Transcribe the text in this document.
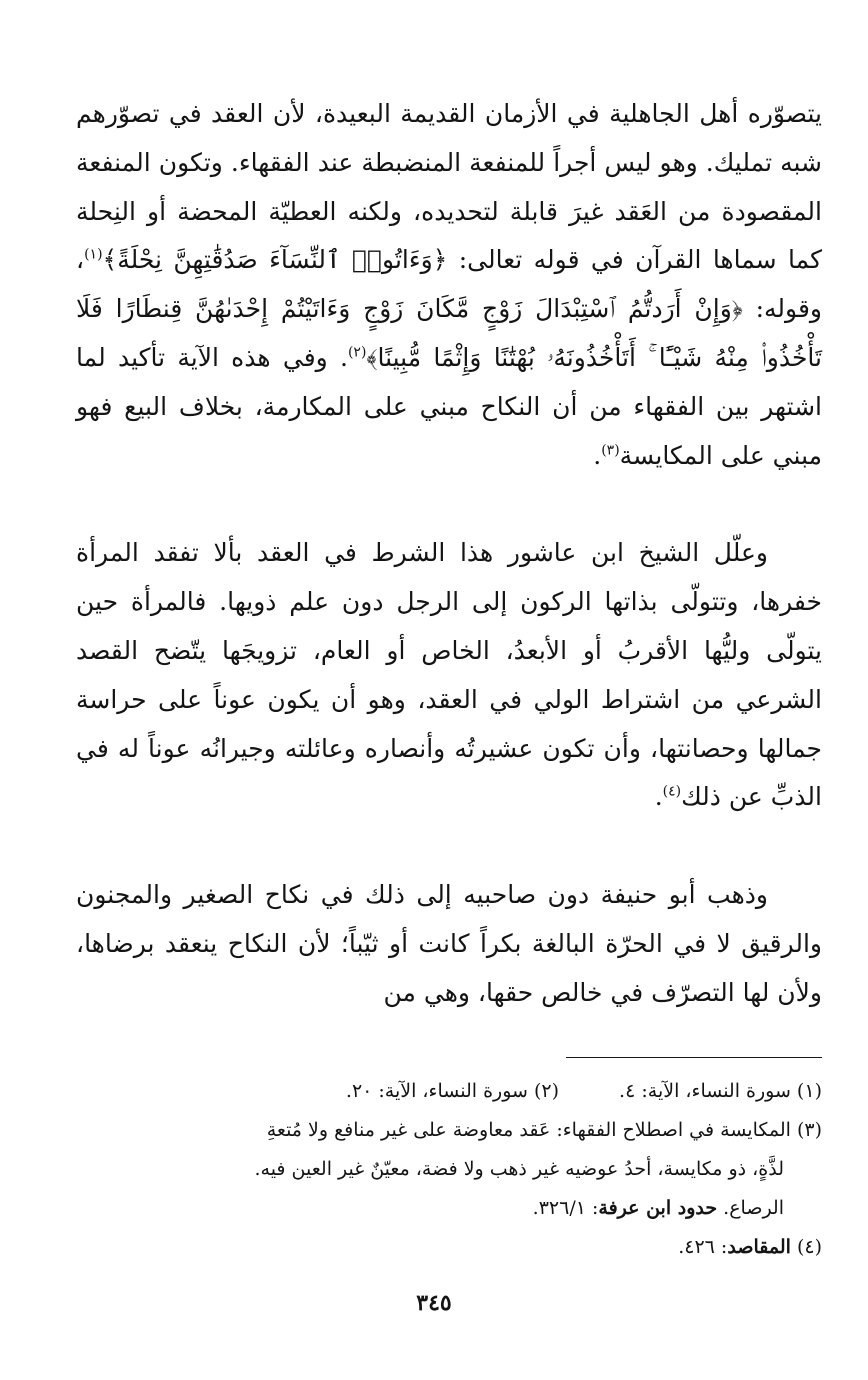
يتصوّره أهل الجاهلية في الأزمان القديمة البعيدة، لأن العقد في تصوّرهم شبه تمليك. وهو ليس أجراً للمنفعة المنضبطة عند الفقهاء. وتكون المنفعة المقصودة من العَقد غيرَ قابلة لتحديده، ولكنه العطيّة المحضة أو النِحلة كما سماها القرآن في قوله تعالى: ﴿وَءَاتُوا۟ ٱلنِّسَآءَ صَدُقَٰتِهِنَّ نِحْلَةً﴾$^{(١)}$، وقوله: ﴿وَإِنْ أَرَدتُّمُ ٱسْتِبْدَالَ زَوْجٍ مَّكَانَ زَوْجٍ وَءَاتَيْتُمْ إِحْدَىٰهُنَّ قِنطَارًا فَلَا تَأْخُذُوا۟ مِنْهُ شَيْـًٔا ۚ أَتَأْخُذُونَهُۥ بُهْتَٰنًا وَإِثْمًا مُّبِينًا﴾$^{(٢)}$. وفي هذه الآية تأكيد لما اشتهر بين الفقهاء من أن النكاح مبني على المكارمة، بخلاف البيع فهو مبني على المكايسة$^{(٣)}$.

وعلّل الشيخ ابن عاشور هذا الشرط في العقد بألا تفقد المرأة خفرها، وتتولّى بذاتها الركون إلى الرجل دون علم ذويها. فالمرأة حين يتولّى وليُّها الأقربُ أو الأبعدُ، الخاص أو العام، تزويجَها يتّضح القصد الشرعي من اشتراط الولي في العقد، وهو أن يكون عوناً على حراسة جمالها وحصانتها، وأن تكون عشيرتُه وأنصاره وعائلته وجيرانُه عوناً له في الذبِّ عن ذلك$^{(٤)}$.

وذهب أبو حنيفة دون صاحبيه إلى ذلك في نكاح الصغير والمجنون والرقيق لا في الحرّة البالغة بكراً كانت أو ثيّباً؛ لأن النكاح ينعقد برضاها، ولأن لها التصرّف في خالص حقها، وهي من

(١) سورة النساء، الآية: ٤.

(٢) سورة النساء، الآية: ٢٠.

(٣) المكايسة في اصطلاح الفقهاء: عَقد معاوضة على غير منافع ولا مُتعةِ

لذَّةٍ، ذو مكايسة، أحدُ عوضيه غير ذهب ولا فضة، معيّنٌ غير العين فيه.

الرصاع. حدود ابن عرفة: ٣٢٦/١.

(٤) المقاصد: ٤٢٦.

٣٤٥
